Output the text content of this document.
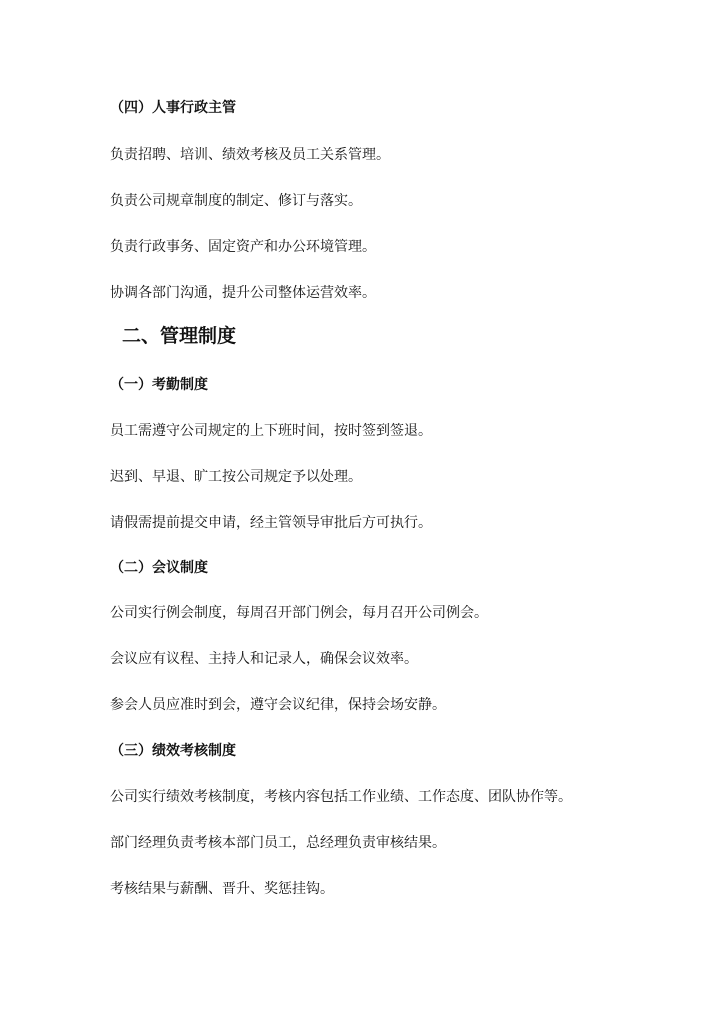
（四）人事行政主管
负责招聘、培训、绩效考核及员工关系管理。
负责公司规章制度的制定、修订与落实。
负责行政事务、固定资产和办公环境管理。
协调各部门沟通，提升公司整体运营效率。
二、管理制度
（一）考勤制度
员工需遵守公司规定的上下班时间，按时签到签退。
迟到、早退、旷工按公司规定予以处理。
请假需提前提交申请，经主管领导审批后方可执行。
（二）会议制度
公司实行例会制度，每周召开部门例会，每月召开公司例会。
会议应有议程、主持人和记录人，确保会议效率。
参会人员应准时到会，遵守会议纪律，保持会场安静。
（三）绩效考核制度
公司实行绩效考核制度，考核内容包括工作业绩、工作态度、团队协作等。
部门经理负责考核本部门员工，总经理负责审核结果。
考核结果与薪酬、晋升、奖惩挂钩。
